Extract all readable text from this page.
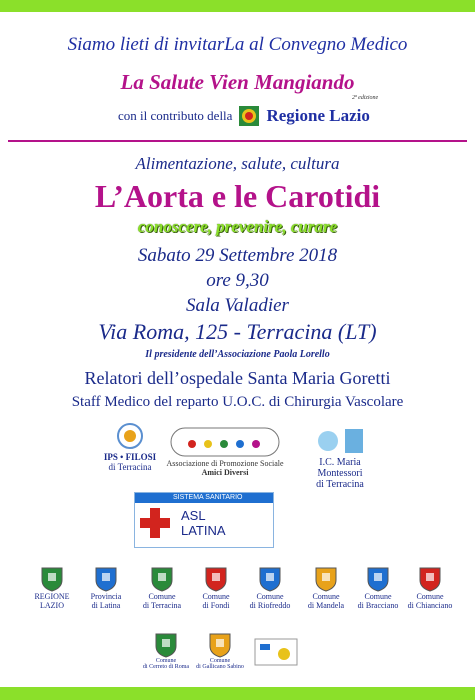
Siamo lieti di invitarLa al Convegno Medico
La Salute Vien Mangiando
2ª edizione
con il contributo della Regione Lazio
Alimentazione, salute, cultura
L’Aorta e le Carotidi
conoscere, prevenire, curare
Sabato 29 Settembre 2018
ore 9,30
Sala Valadier
Via Roma, 125 - Terracina (LT)
Il presidente dell’Associazione Paola Lorello
Relatori dell’ospedale Santa Maria Goretti
Staff Medico del reparto U.O.C. di Chirurgia Vascolare
IPS • FILOSI
di Terracina	Associazione di Promozione Sociale
Amici Diversi
I.C. Maria Montessori
di Terracina
SISTEMA SANITARIO REGIONALE
ASL
LATINA
REGIONE
LAZIO
Provincia
di Latina
Comune
di Terracina
Comune
di Fondi
Comune
di Riofreddo
Comune
di Mandela
Comune
di Bracciano
Comune
di Chianciano
Comune
di Cerreto di Roma
Comune
di Gallicano Sabino
